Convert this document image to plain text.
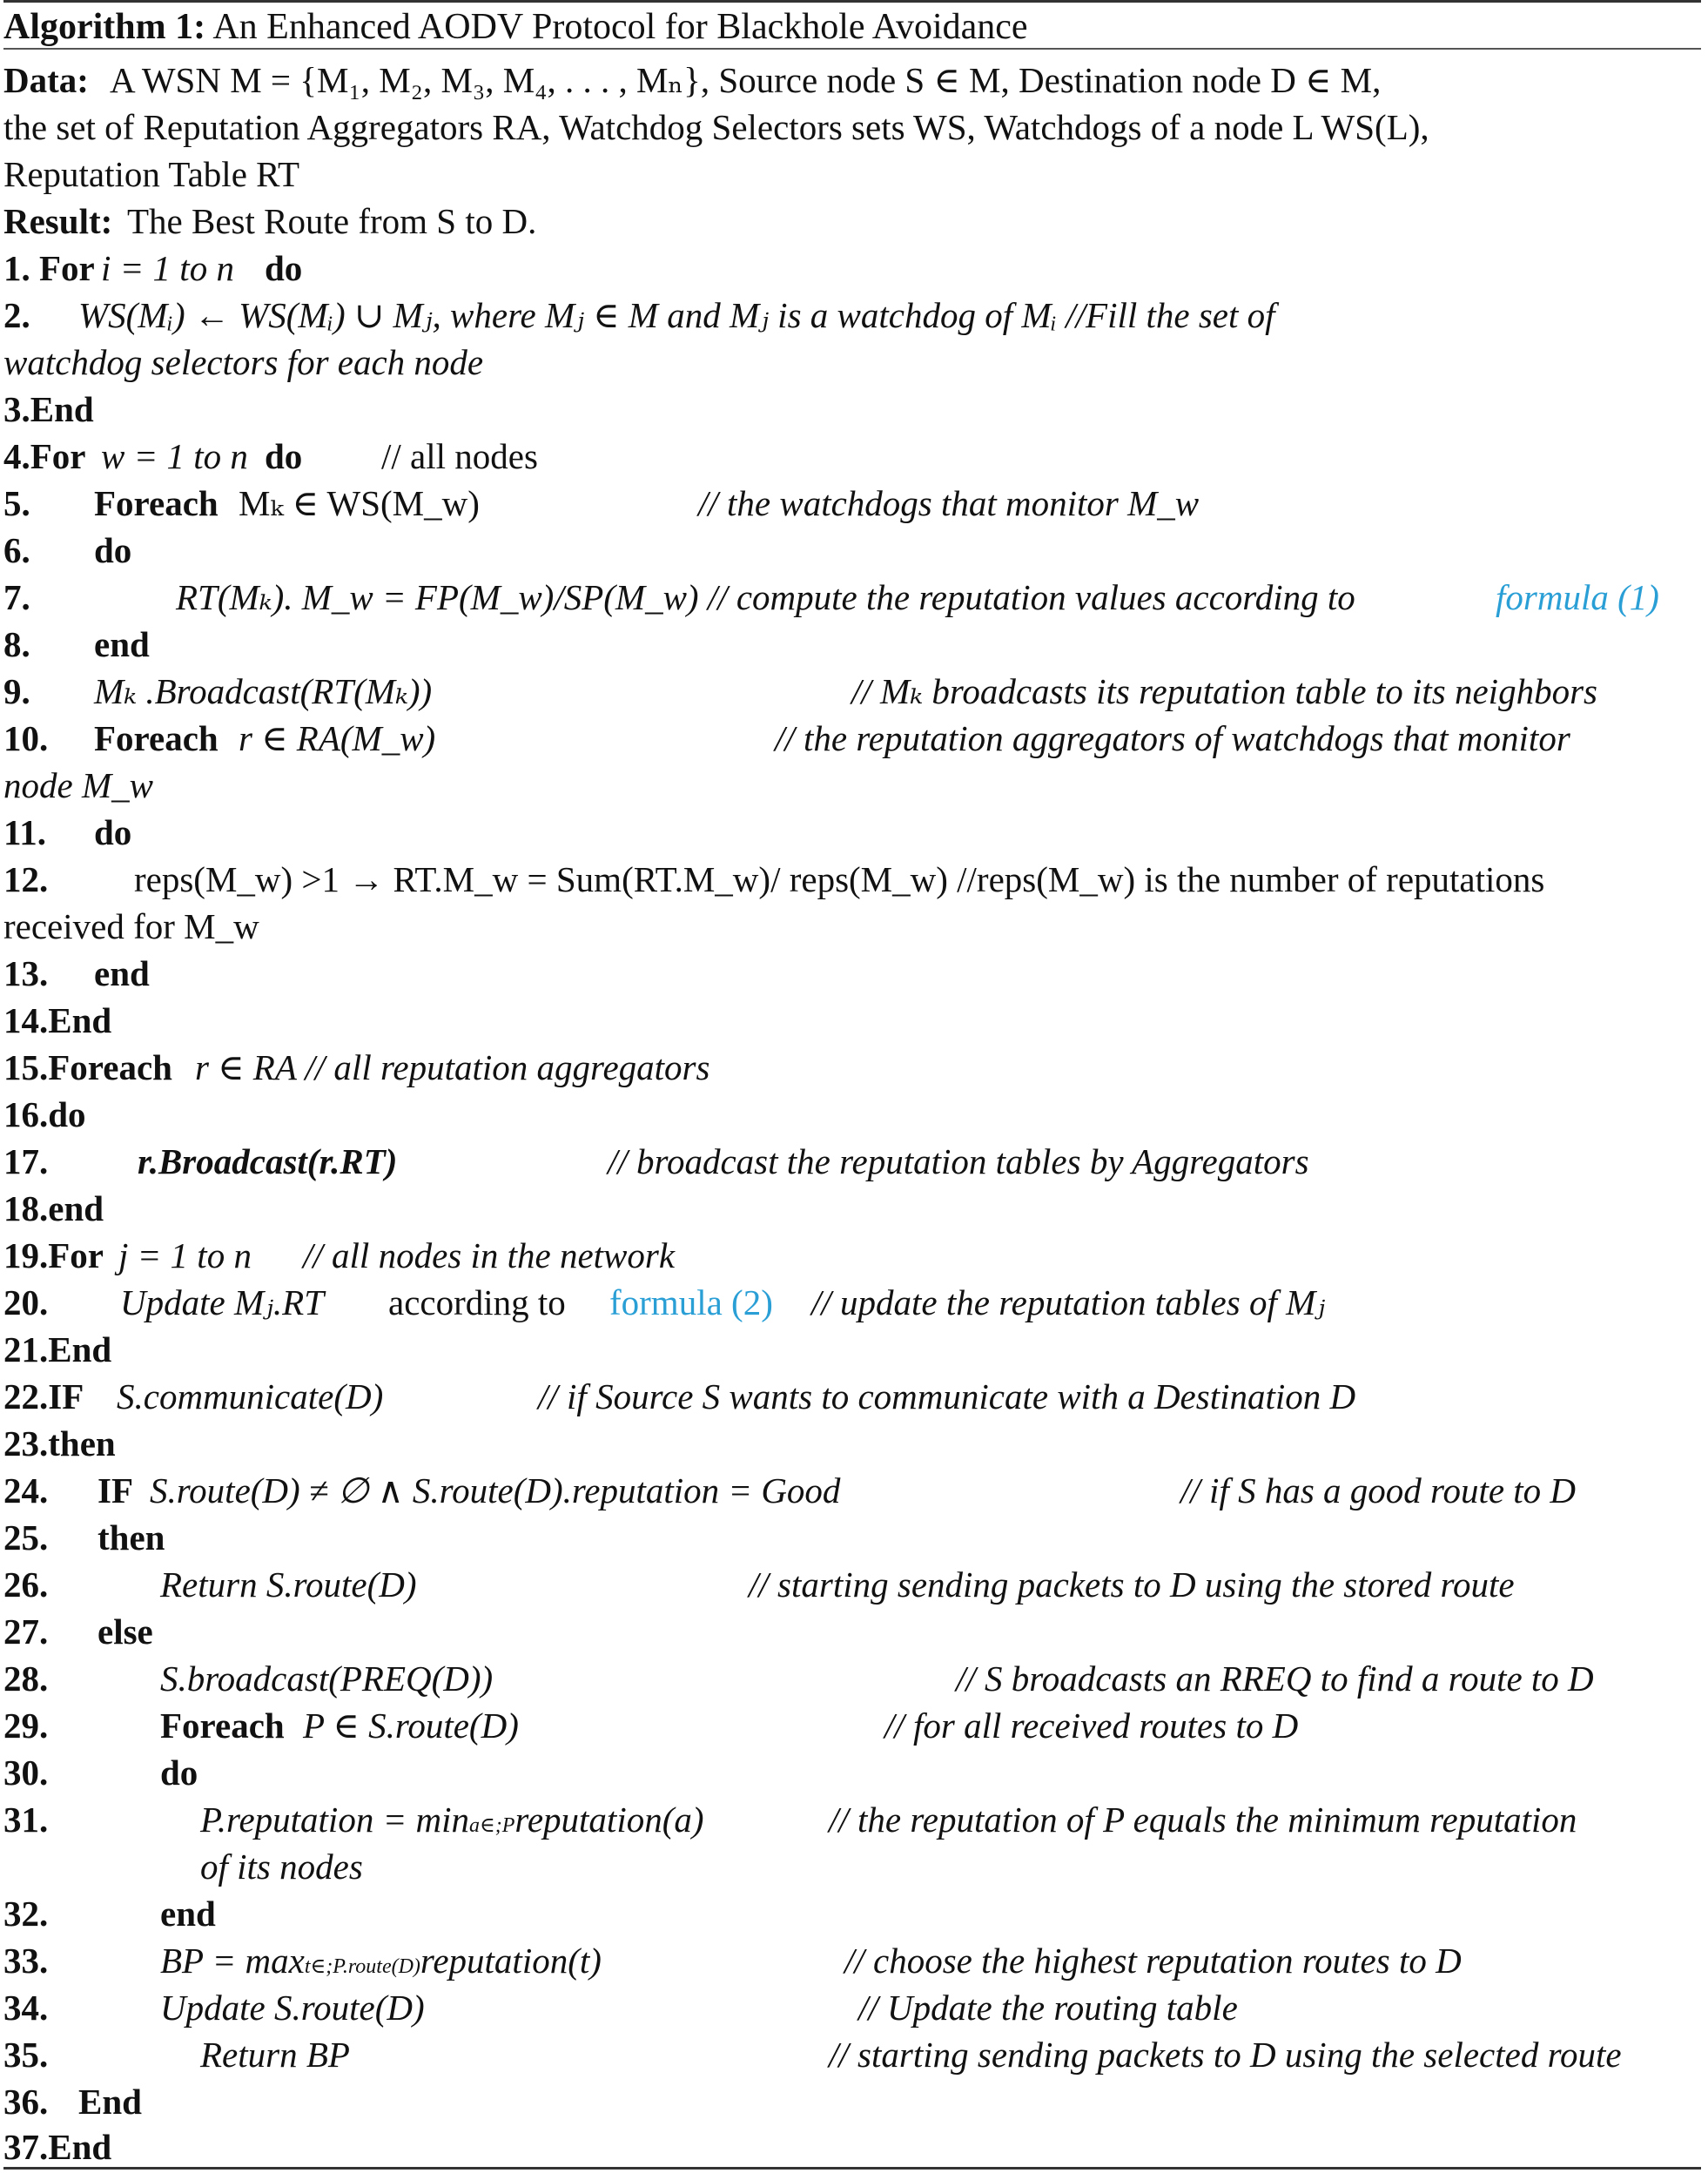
Algorithm 1: An Enhanced AODV Protocol for Blackhole Avoidance
Data: A WSN M = {M₁, M₂, M₃, M₄, . . . , Mₙ}, Source node S ∈ M, Destination node D ∈ M,
the set of Reputation Aggregators RA, Watchdog Selectors sets WS, Watchdogs of a node L WS(L),
Reputation Table RT
Result: The Best Route from S to D.
1. For i = 1 to n do
2. WS(Mᵢ) ← WS(Mᵢ) ∪ Mⱼ, where Mⱼ ∈ M and Mⱼ is a watchdog of Mᵢ //Fill the set of
watchdog selectors for each node
3.End
4.For w = 1 to n do // all nodes
5. Foreach Mₖ ∈ WS(M_w)	// the watchdogs that monitor M_w
6. do
7.	RT(Mₖ). M_w = FP(M_w)/SP(M_w) // compute the reputation values according to	formula (1)
8. end
9. Mₖ .Broadcast(RT(Mₖ))	// Mₖ broadcasts its reputation table to its neighbors
10. Foreach r ∈ RA(M_w)	// the reputation aggregators of watchdogs that monitor
node M_w
11. do
12. reps(M_w) >1 → RT.M_w = Sum(RT.M_w)/ reps(M_w) //reps(M_w) is the number of reputations
received for M_w
13. end
14.End
15.Foreach r ∈ RA // all reputation aggregators
16.do
17.	r.Broadcast(r.RT)	// broadcast the reputation tables by Aggregators
18.end
19.For j = 1 to n // all nodes in the network
20. Update Mⱼ.RT according to formula (2) // update the reputation tables of Mⱼ
21.End
22.IF S.communicate(D)	// if Source S wants to communicate with a Destination D
23.then
24. IF S.route(D) ≠ ∅ ∧ S.route(D).reputation = Good	// if S has a good route to D
25. then
26.	Return S.route(D)	// starting sending packets to D using the stored route
27. else
28.	S.broadcast(PREQ(D))	// S broadcasts an RREQ to find a route to D
29.	Foreach P ∈ S.route(D)	// for all received routes to D
30.	do
31.	P.reputation = mina∈;Preputation(a)	// the reputation of P equals the minimum reputation
of its nodes
32.	end
33.	BP = maxt∈;P.route(D)reputation(t)	// choose the highest reputation routes to D
34.	Update S.route(D)	// Update the routing table
35.	Return BP	// starting sending packets to D using the selected route
36. End
37.End
